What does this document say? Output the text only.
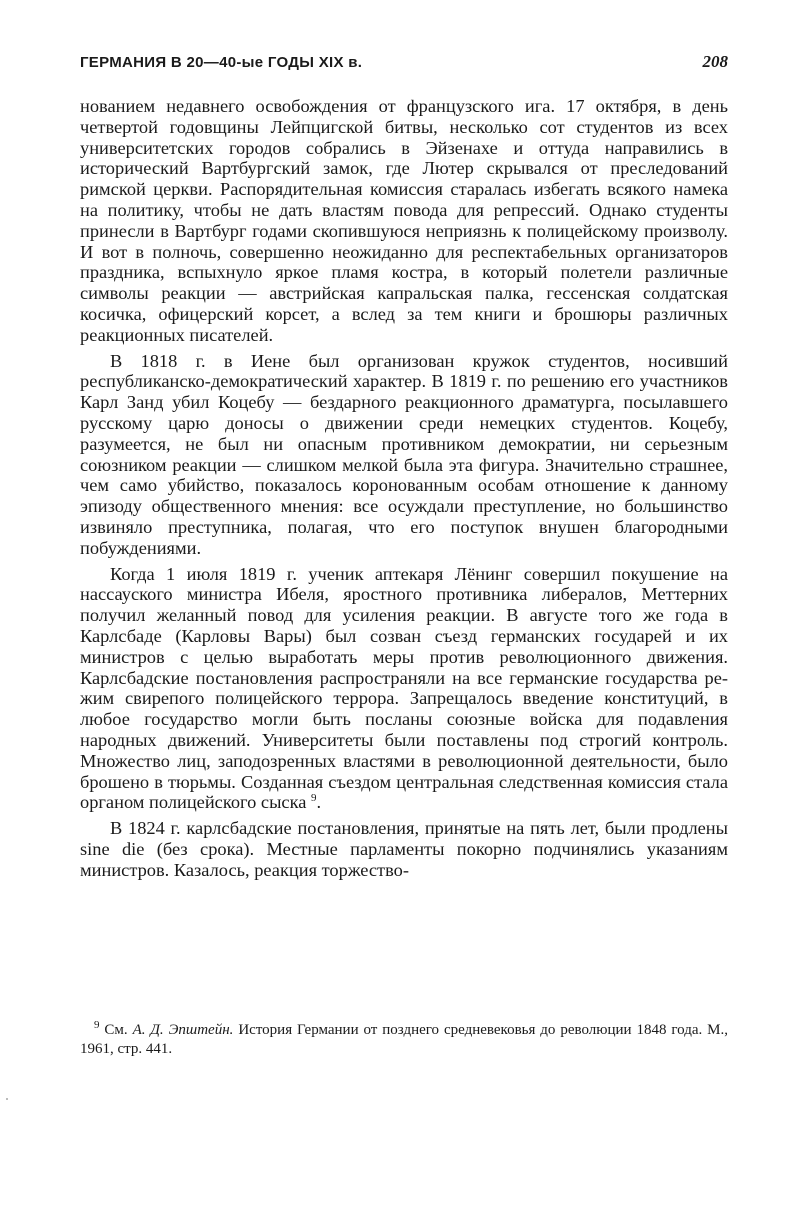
ГЕРМАНИЯ В 20—40-ые ГОДЫ XIX в.	208

нованием недавнего освобождения от французского ига. 17 октября, в день четвертой годовщины Лейпцигской битвы, несколько сот студентов из всех университетских городов собрались в Эйзенахе и оттуда направились в исторический Вартбургский замок, где Лютер скрывался от преследований римской церкви. Распорядительная комиссия старалась избегать всякого намека на политику, чтобы не дать властям повода для репрессий. Однако студенты принесли в Вартбург годами скопившуюся неприязнь к полицейскому произволу. И вот в полночь, совершенно неожиданно для респектабельных организаторов праздника, вспыхнуло яркое пламя костра, в который полетели различные символы реакции — австрийская капральская палка, гессенская солдатская косичка, офицерский корсет, а вслед за тем книги и брошюры различных реакционных писателей.

В 1818 г. в Иене был организован кружок студентов, носивший республиканско-демократический характер. В 1819 г. по решению его участников Карл Занд убил Коцебу — бездарного реакционного драматурга, посылавшего русскому царю доносы о движении среди немецких студентов. Коцебу, разумеется, не был ни опасным противником демократии, ни серьезным союзником реакции — слишком мелкой была эта фигура. Значительно страшнее, чем само убийство, показалось коронованным особам отношение к данному эпизоду общественного мнения: все осуждали преступление, но большинство извиняло преступника, полагая, что его поступок внушен благородными побуждениями.

Когда 1 июля 1819 г. ученик аптекаря Лёнинг совершил покушение на нассауского министра Ибеля, яростного противника либералов, Меттерних получил желанный повод для усиления реакции. В августе того же года в Карлсбаде (Карловы Вары) был созван съезд германских государей и их министров с целью выработать меры против революционного движения. Карлсбадские постановления распространяли на все германские государства режим свирепого полицейского террора. Запрещалось введение конституций, в любое государство могли быть посланы союзные войска для подавления народных движений. Университеты были поставлены под строгий контроль. Множество лиц, заподозренных властями в революционной деятельности, было брошено в тюрьмы. Созданная съездом центральная следственная комиссия стала органом полицейского сыска $^9$.

В 1824 г. карлсбадские постановления, принятые на пять лет, были продлены sine die (без срока). Местные парламенты покорно подчинялись указаниям министров. Казалось, реакция торжество-

$^9$ См. А. Д. Эпштейн. История Германии от позднего средневековья до революции 1848 года. М., 1961, стр. 441.
